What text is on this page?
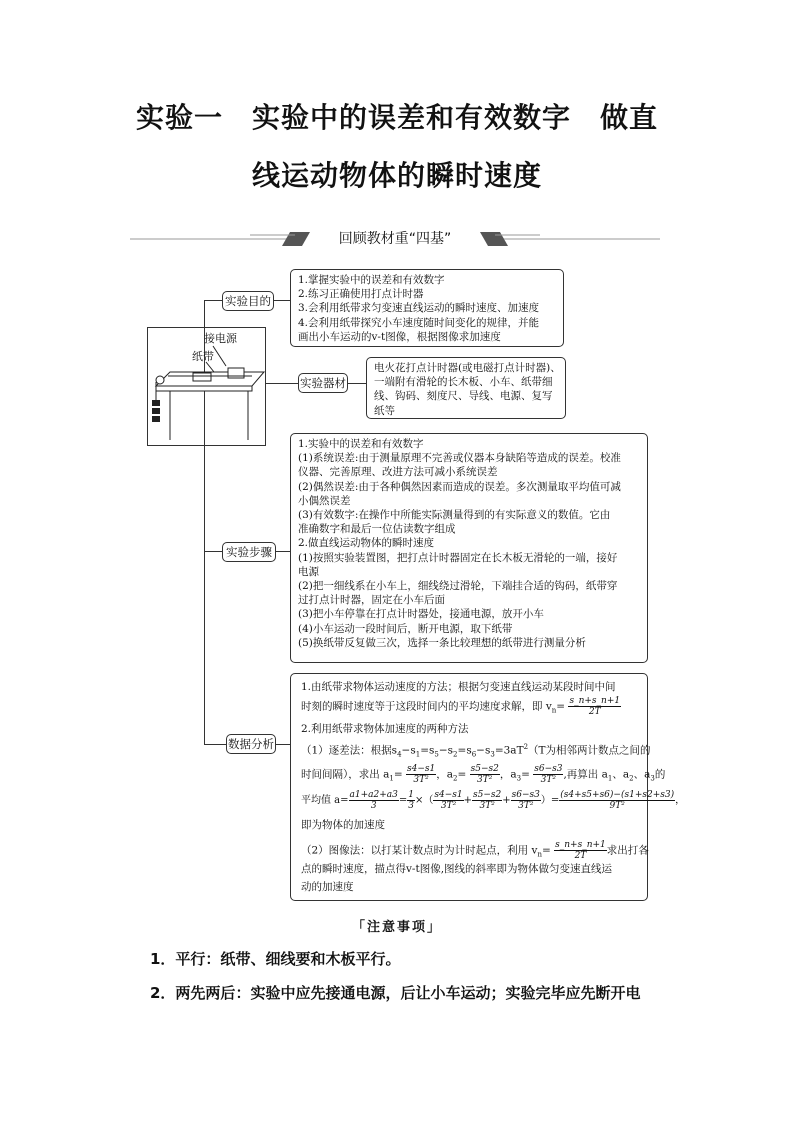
实验一　实验中的误差和有效数字　做直
线运动物体的瞬时速度
回顾教材重“四基”
接电源
纸带
实验目的
1.掌握实验中的误差和有效数字
2.练习正确使用打点计时器
3.会利用纸带求匀变速直线运动的瞬时速度、加速度
4.会利用纸带探究小车速度随时间变化的规律，并能
画出小车运动的v-t图像，根据图像求加速度
实验器材
电火花打点计时器(或电磁打点计时器)、
一端附有滑轮的长木板、小车、纸带细
线、钩码、刻度尺、导线、电源、复写
纸等
实验步骤
1.实验中的误差和有效数字
(1)系统误差:由于测量原理不完善或仪器本身缺陷等造成的误差。校准
仪器、完善原理、改进方法可减小系统误差
(2)偶然误差:由于各种偶然因素而造成的误差。多次测量取平均值可减
小偶然误差
(3)有效数字:在操作中所能实际测量得到的有实际意义的数值。它由
准确数字和最后一位估读数字组成
2.做直线运动物体的瞬时速度
(1)按照实验装置图，把打点计时器固定在长木板无滑轮的一端，接好
电源
(2)把一细线系在小车上，细线绕过滑轮，下端挂合适的钩码，纸带穿
过打点计时器，固定在小车后面
(3)把小车停靠在打点计时器处，接通电源，放开小车
(4)小车运动一段时间后，断开电源，取下纸带
(5)换纸带反复做三次，选择一条比较理想的纸带进行测量分析
数据分析
1.由纸带求物体运动速度的方法；根据匀变速直线运动某段时间中间
时刻的瞬时速度等于这段时间内的平均速度求解，即 $v_n= \frac{s\_n+s\_n+1}{2T}$
2.利用纸带求物体加速度的两种方法
（1）逐差法：根据$s_4-s_1=s_5-s_2=s_6-s_3=3aT^2(T$为相邻两计数点之间的
时间间隔），求出 $a_1= \frac{s4-s1}{\text{3T²}}$ ，$a_2= \frac{s5-s2}{\text{3T²}}$ ，$a_3= \frac{s6-s3}{\text{3T²}}$ ,再算出 $a_1$、$a_2$、$a_3$的
平均值 $a= \frac{a1+a2+a3}{3} = \frac{1}{3}$ ×（ $\frac{s4-s1}{\text{3T²}} + \frac{s5-s2}{\text{3T²}} + \frac{s6-s3}{\text{3T²}}$ ）= $\frac{(s4+s5+s6)-(s1+s2+s3)}{\text{9T²}}$ ，
即为物体的加速度
（2）图像法：以打某计数点时为计时起点，利用 $v_n= \frac{s\_n+s\_n+1}{2T}$ 求出打各
点的瞬时速度，描点得v-t图像,图线的斜率即为物体做匀变速直线运
动的加速度
「注意事项」
1．平行：纸带、细线要和木板平行。
2．两先两后：实验中应先接通电源，后让小车运动；实验完毕应先断开电
